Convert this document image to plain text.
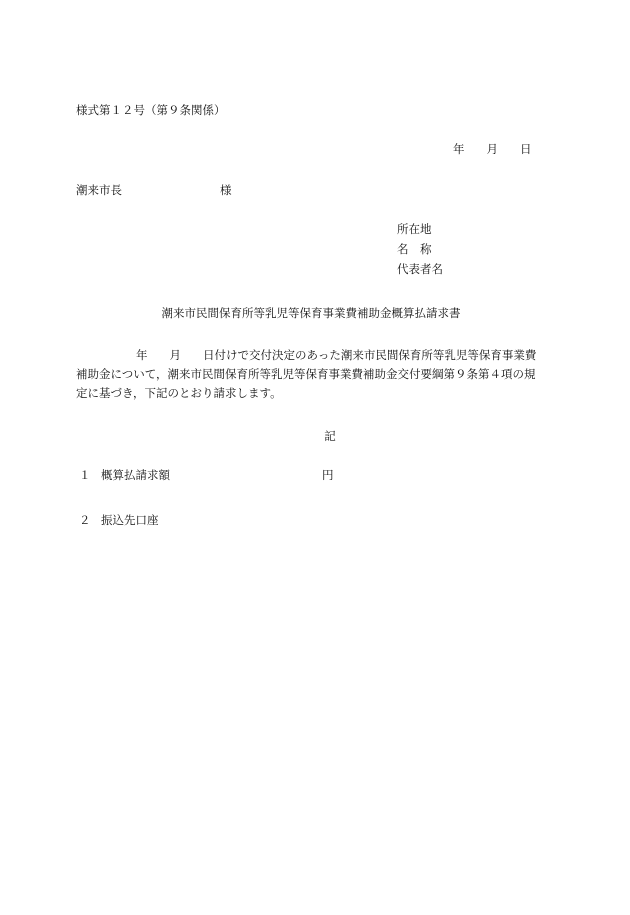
様式第１２号（第９条関係）
年 月 日
潮来市長	様
所在地
名　称
代表者名
潮来市民間保育所等乳児等保育事業費補助金概算払請求書
年 月 日付けで交付決定のあった潮来市民間保育所等乳児等保育事業費
補助金について，潮来市民間保育所等乳児等保育事業費補助金交付要綱第９条第４項の規
定に基づき，下記のとおり請求します。
記
１ 概算払請求額	円
２ 振込先口座
